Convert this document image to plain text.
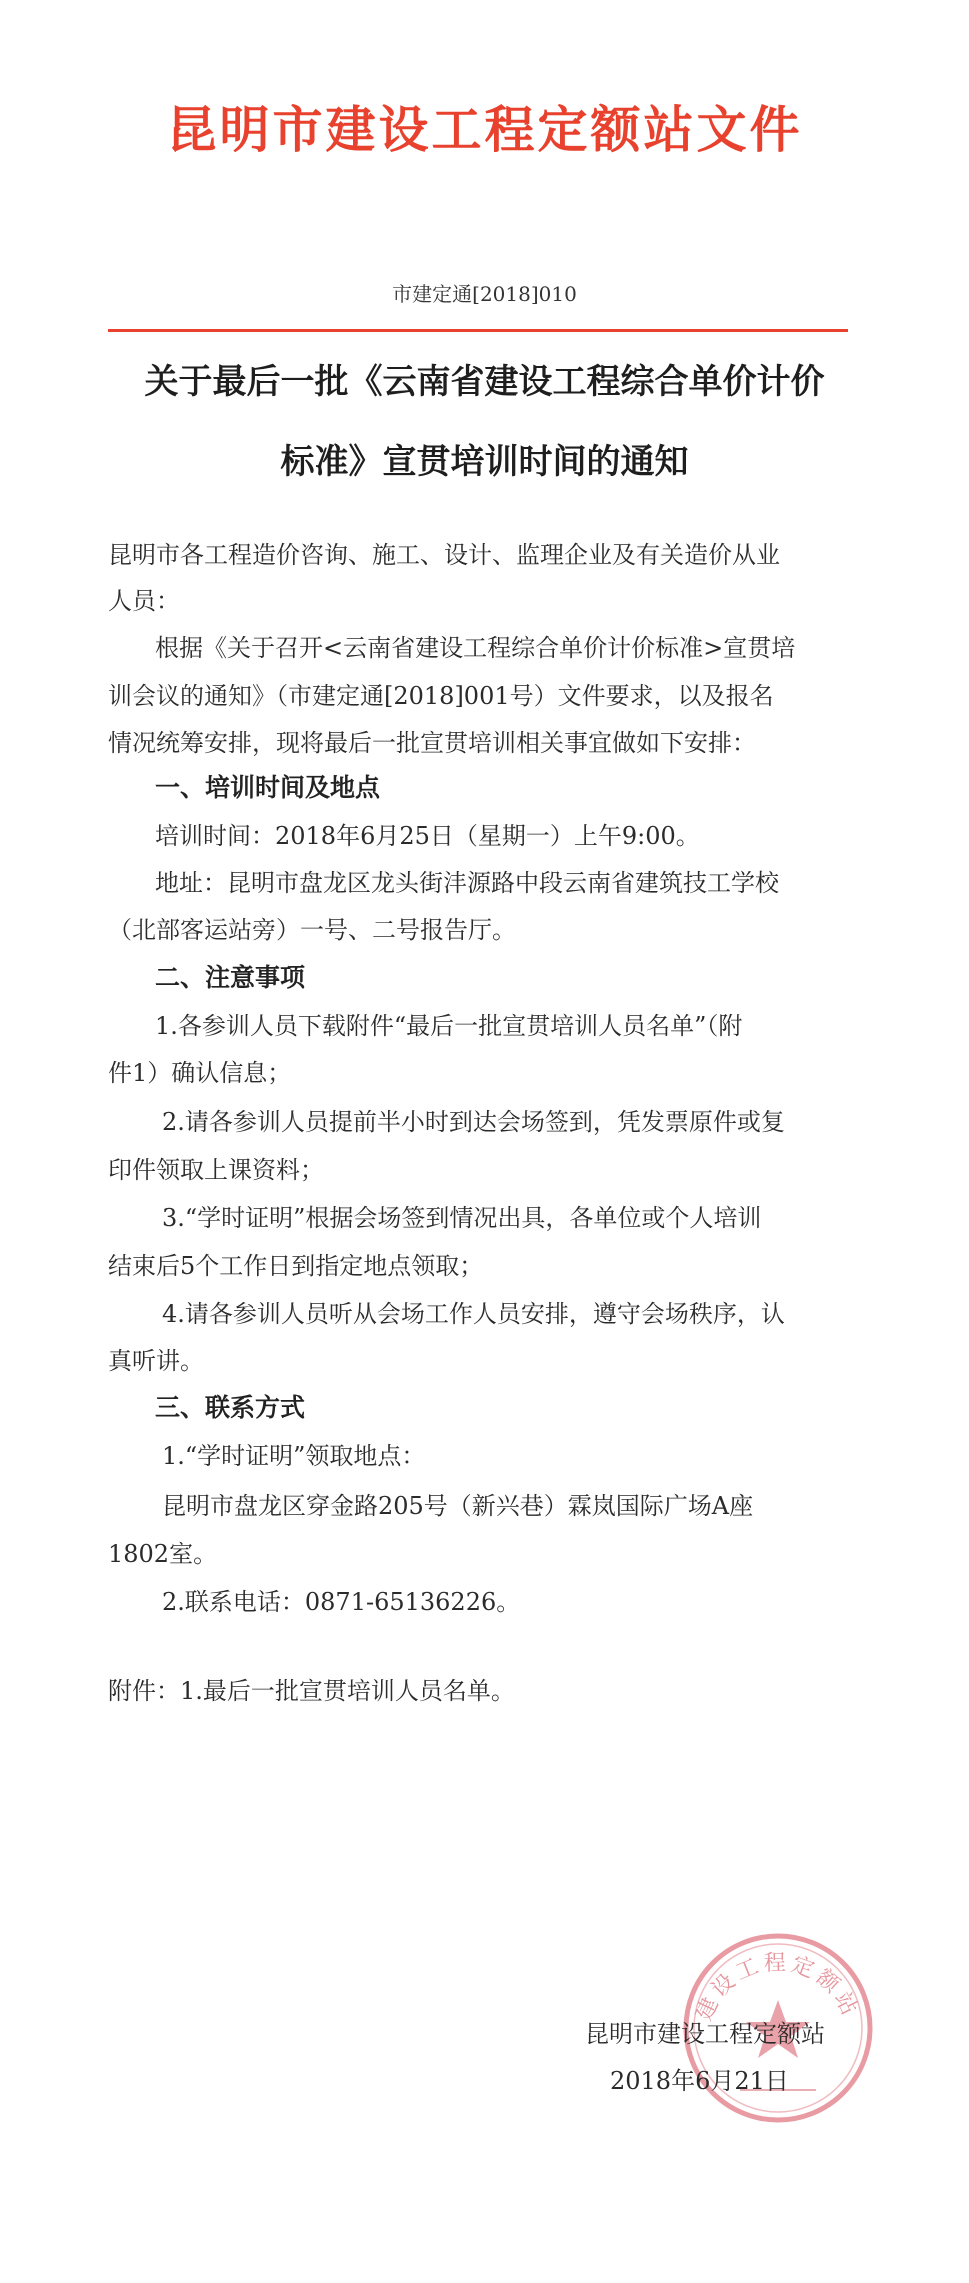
昆明市建设工程定额站文件
市建定通[2018]010
关于最后一批《云南省建设工程综合单价计价
标准》宣贯培训时间的通知
昆明市各工程造价咨询、施工、设计、监理企业及有关造价从业
人员：
根据《关于召开<云南省建设工程综合单价计价标准>宣贯培
训会议的通知》（市建定通[2018]001号）文件要求，以及报名
情况统筹安排，现将最后一批宣贯培训相关事宜做如下安排：
一、培训时间及地点
培训时间：2018年6月25日（星期一）上午9:00。
地址：昆明市盘龙区龙头街沣源路中段云南省建筑技工学校
（北部客运站旁）一号、二号报告厅。
二、注意事项
1.各参训人员下载附件“最后一批宣贯培训人员名单”（附
件1）确认信息；
2.请各参训人员提前半小时到达会场签到，凭发票原件或复
印件领取上课资料；
3.“学时证明”根据会场签到情况出具，各单位或个人培训
结束后5个工作日到指定地点领取；
4.请各参训人员听从会场工作人员安排，遵守会场秩序，认
真听讲。
三、联系方式
1.“学时证明”领取地点：
昆明市盘龙区穿金路205号（新兴巷）霖岚国际广场A座
1802室。
2.联系电话：0871-65136226。
附件：1.最后一批宣贯培训人员名单。
建设工程定额站
昆明市建设工程定额站
2018年6月21日
